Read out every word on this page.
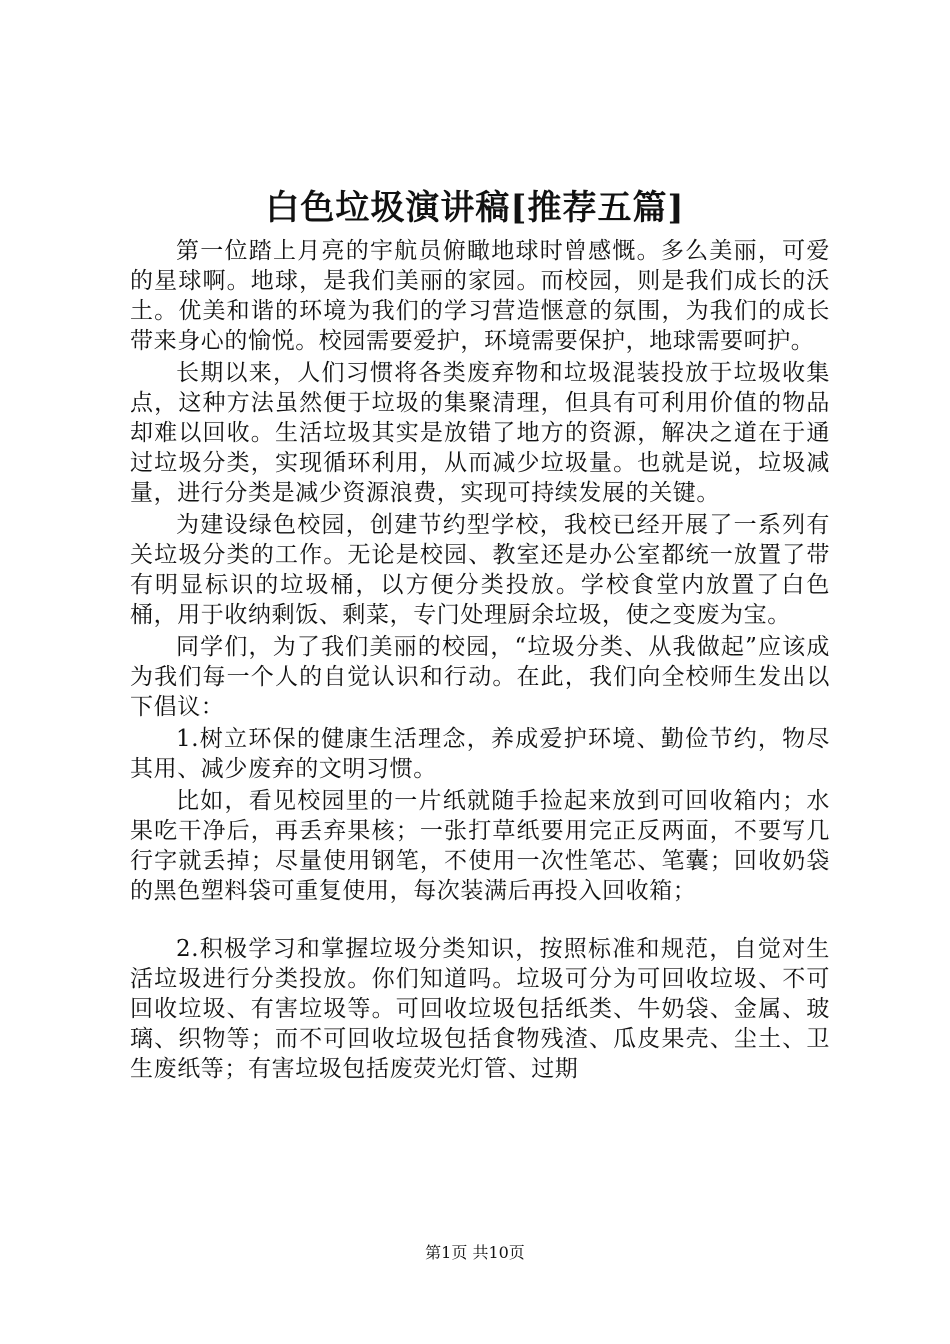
白色垃圾演讲稿[推荐五篇]

第一位踏上月亮的宇航员俯瞰地球时曾感慨。多么美丽，可爱的星球啊。地球，是我们美丽的家园。而校园，则是我们成长的沃土。优美和谐的环境为我们的学习营造惬意的氛围，为我们的成长带来身心的愉悦。校园需要爱护，环境需要保护，地球需要呵护。

长期以来，人们习惯将各类废弃物和垃圾混装投放于垃圾收集点，这种方法虽然便于垃圾的集聚清理，但具有可利用价值的物品却难以回收。生活垃圾其实是放错了地方的资源，解决之道在于通过垃圾分类，实现循环利用，从而减少垃圾量。也就是说，垃圾减量，进行分类是减少资源浪费，实现可持续发展的关键。

为建设绿色校园，创建节约型学校，我校已经开展了一系列有关垃圾分类的工作。无论是校园、教室还是办公室都统一放置了带有明显标识的垃圾桶，以方便分类投放。学校食堂内放置了白色桶，用于收纳剩饭、剩菜，专门处理厨余垃圾，使之变废为宝。

同学们，为了我们美丽的校园，“垃圾分类、从我做起”应该成为我们每一个人的自觉认识和行动。在此，我们向全校师生发出以下倡议：

1.树立环保的健康生活理念，养成爱护环境、勤俭节约，物尽其用、减少废弃的文明习惯。

比如，看见校园里的一片纸就随手捡起来放到可回收箱内；水果吃干净后，再丢弃果核；一张打草纸要用完正反两面，不要写几行字就丢掉；尽量使用钢笔，不使用一次性笔芯、笔囊；回收奶袋的黑色塑料袋可重复使用，每次装满后再投入回收箱；

2.积极学习和掌握垃圾分类知识，按照标准和规范，自觉对生活垃圾进行分类投放。你们知道吗。垃圾可分为可回收垃圾、不可回收垃圾、有害垃圾等。可回收垃圾包括纸类、牛奶袋、金属、玻璃、织物等；而不可回收垃圾包括食物残渣、瓜皮果壳、尘土、卫生废纸等；有害垃圾包括废荧光灯管、过期

第1页 共10页
